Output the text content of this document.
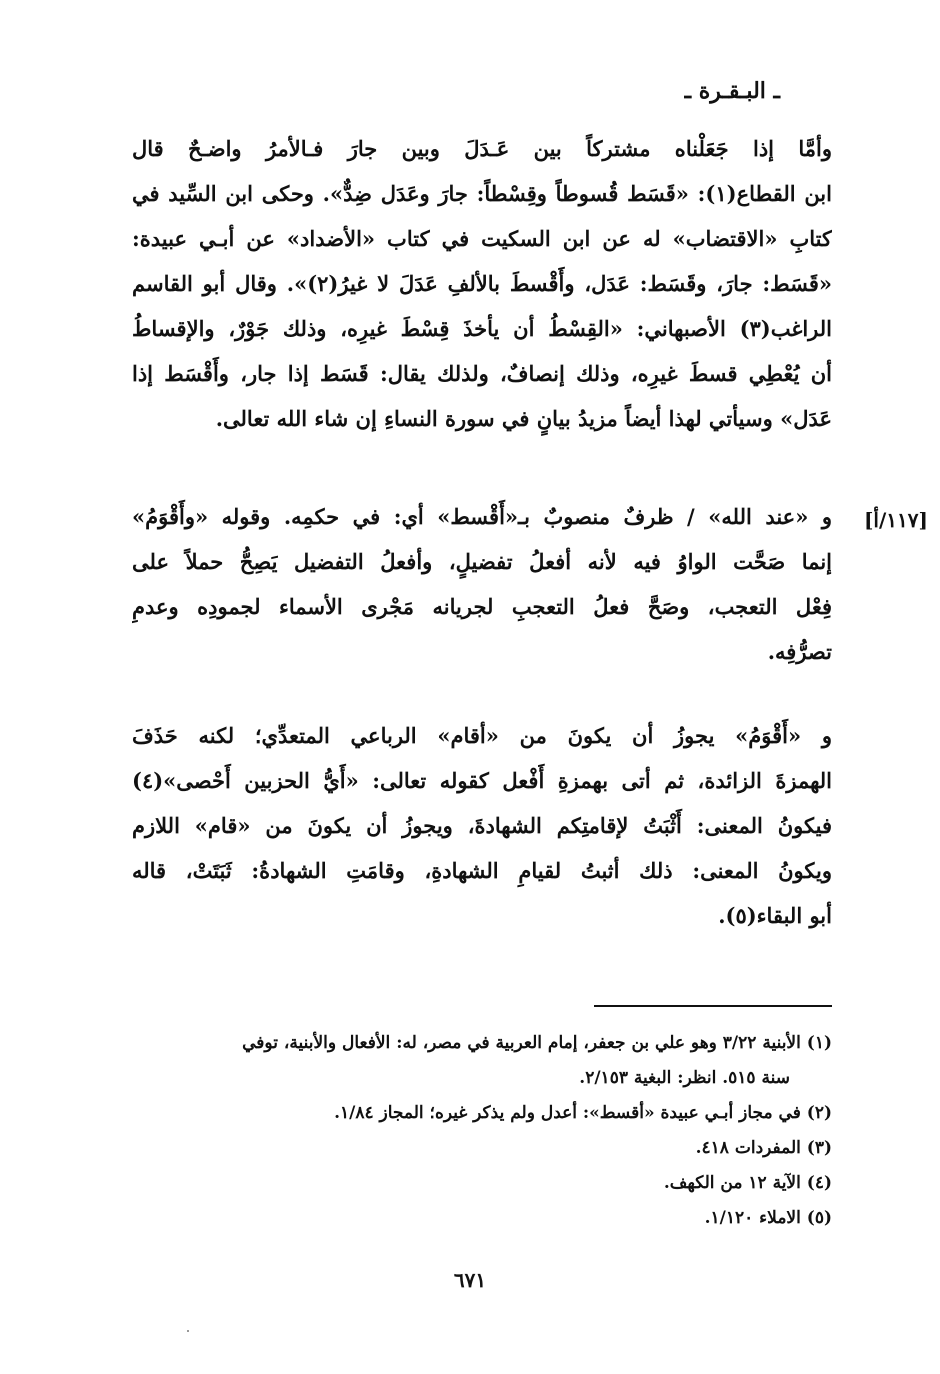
ـ البـقـرة ـ
وأمَّا إذا جَعَلْناه مشتركاً بين عَـدَلَ وبين جارَ فـالأمرُ واضـحٌ قال
ابن القطاع(١): «قَسَط قُسوطاً وقِسْطاً: جارَ وعَدَل ضِدٌّ». وحكى ابن السِّيد في
كتابِ «الاقتضاب» له عن ابن السكيت في كتاب «الأضداد» عن أبـي عبيدة:
«قَسَط: جارَ، وقَسَط: عَدَل، وأَقْسطَ بالألفِ عَدَلَ لا غيرُ(٢)». وقال أبو القاسم
الراغب(٣) الأصبهاني: «القِسْطُ أن يأخذَ قِسْطَ غيرِه، وذلك جَوْرٌ، والإقساطُ
أن يُعْطِي قسطَ غيرِه، وذلك إنصافٌ، ولذلك يقال: قَسَط إذا جار، وأَقْسَط إذا
عَدَل» وسيأتي لهذا أيضاً مزيدُ بيانٍ في سورة النساءِ إن شاء الله تعالى.
[١١٧/أ]
و «عند الله» / ظرفٌ منصوبٌ بـ«أَقْسط» أي: في حكمِه. وقوله «وأَقْوَمُ»
إنما صَحَّت الواوُ فيه لأنه أفعلُ تفضيلٍ، وأفعلُ التفضيل يَصِحُّ حملاً على
فِعْل التعجب، وصَحَّ فعلُ التعجبِ لجريانه مَجْرى الأسماء لجمودِه وعدمِ
تصرُّفِه.
و «أَقْوَمُ» يجوزُ أن يكونَ من «أقام» الرباعي المتعدِّي؛ لكنه حَذَفَ
الهمزةَ الزائدة، ثم أتى بهمزةِ أَفْعل كقوله تعالى: «أَيُّ الحزبين أَحْصى»(٤)
فيكونُ المعنى: أَثْبَتُ لإقامتِكم الشهادةَ، ويجوزُ أن يكونَ من «قام» اللازم
ويكونُ المعنى: ذلك أثبتُ لقيامِ الشهادةِ، وقامَتِ الشهادةُ: ثَبَتَتْ، قاله
أبو البقاء(٥).
(١) الأبنية ٣/٢٢ وهو علي بن جعفر، إمام العربية في مصر، له: الأفعال والأبنية، توفي
سنة ٥١٥. انظر: البغية ٢/١٥٣.
(٢) في مجاز أبـي عبيدة «أقسط»: أعدل ولم يذكر غيره؛ المجاز ١/٨٤.
(٣) المفردات ٤١٨.
(٤) الآية ١٢ من الكهف.
(٥) الاملاء ١/١٢٠.
٦٧١
